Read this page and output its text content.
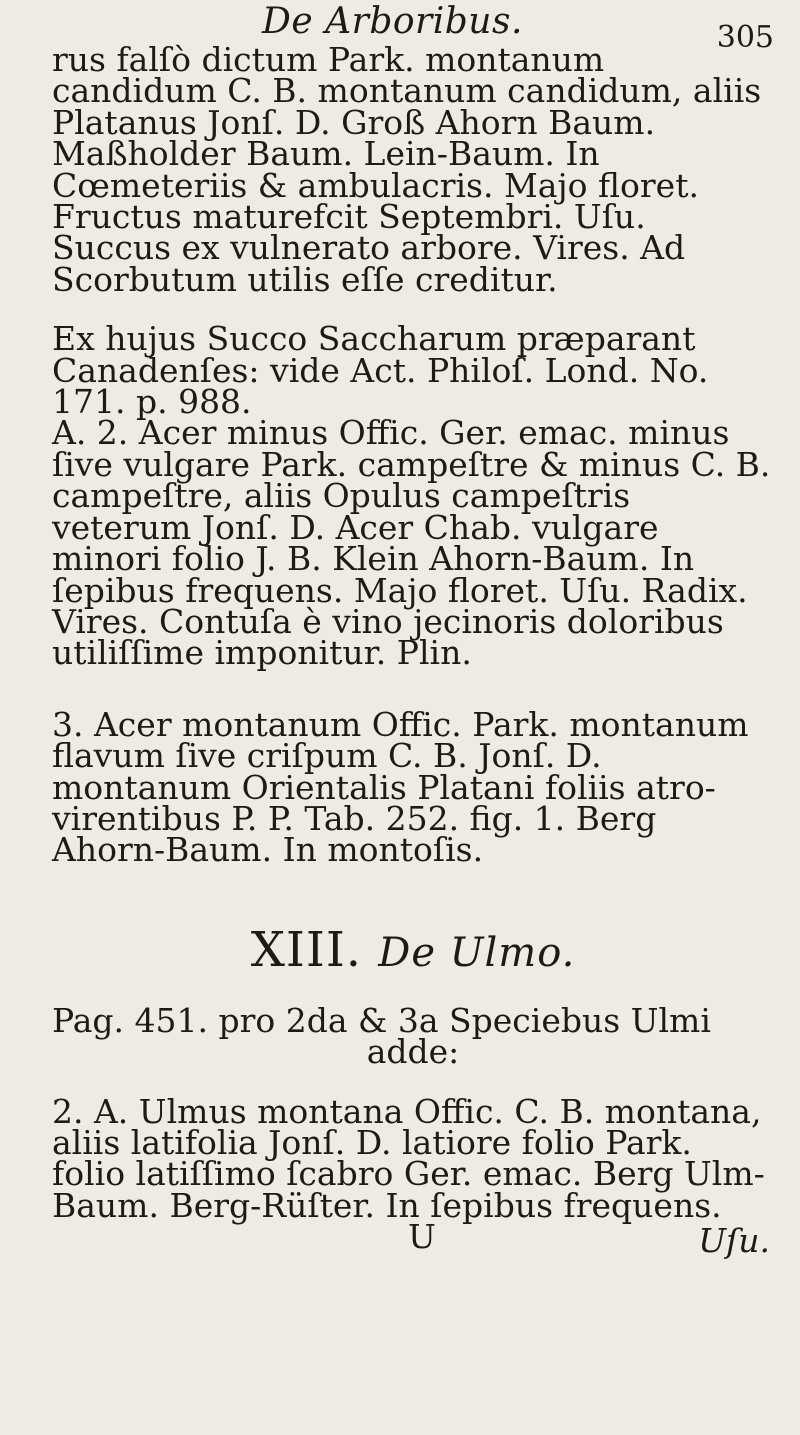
De Arboribus.	305

rus falſò dictum Park. montanum candidum C. B. montanum candidum, aliis Platanus Jonſ. D. Groß Ahorn Baum. Maßholder Baum. Lein-Baum. In Cœmeteriis & ambulacris. Majo floret. Fructus maturefcit Septembri. Uſu. Succus ex vulnerato arbore. Vires. Ad Scorbutum utilis eſſe creditur.

Ex hujus Succo Saccharum præparant Canadenſes: vide Act. Philoſ. Lond. No. 171. p. 988.

A. 2. Acer minus Offic. Ger. emac. minus ſive vulgare Park. campeſtre & minus C. B. campeſtre, aliis Opulus campeſtris veterum Jonſ. D. Acer Chab. vulgare minori folio J. B. Klein Ahorn-Baum. In ſepibus frequens. Majo floret. Uſu. Radix. Vires. Contuſa è vino jecinoris doloribus utiliſſime imponitur. Plin.

3. Acer montanum Offic. Park. montanum flavum ſive criſpum C. B. Jonſ. D. montanum Orientalis Platani foliis atro-virentibus P. P. Tab. 252. fig. 1. Berg Ahorn-Baum. In montoſis.

XIII. De Ulmo.

Pag. 451. pro 2da & 3a Speciebus Ulmi

adde:

2. A. Ulmus montana Offic. C. B. montana, aliis latifolia Jonſ. D. latiore folio Park. folio latiſſimo ſcabro Ger. emac. Berg Ulm-Baum. Berg-Rüſter. In ſepibus frequens.

U	Uſu.
